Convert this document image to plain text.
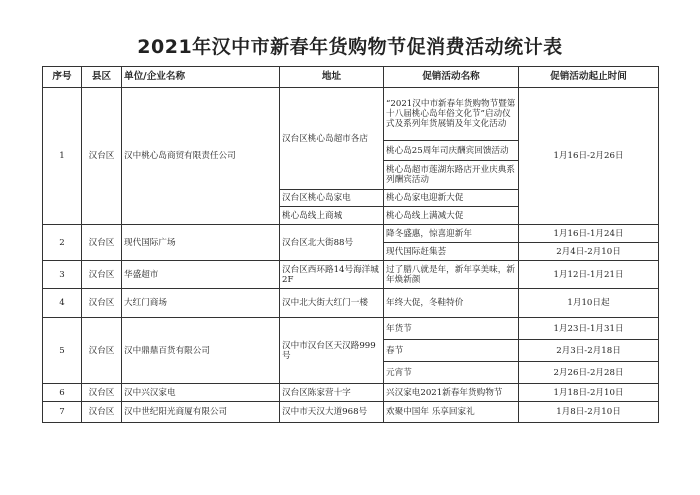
2021年汉中市新春年货购物节促消费活动统计表
序号	县区	单位/企业名称	地址	促销活动名称	促销活动起止时间
1	汉台区	汉中桃心岛商贸有限责任公司	汉台区桃心岛超市各店	“2021汉中市新春年货购物节暨第十八届桃心岛年俗文化节”启动仪式及系列年货展销及年文化活动	1月16日-2月26日
				桃心岛25周年司庆酬宾回馈活动	
				桃心岛超市莲湖东路店开业庆典系列酬宾活动	
			汉台区桃心岛家电	桃心岛家电迎新大促	
			桃心岛线上商城	桃心岛线上满减大促	
2	汉台区	现代国际广场	汉台区北大街88号	降冬盛惠，惊喜迎新年	1月16日-1月24日
				现代国际赶集荟	2月4日-2月10日
3	汉台区	华盛超市	汉台区西环路14号海洋城2F	过了腊八就是年，新年享美味，新年焕新颜	1月12日-1月21日
4	汉台区	大红门商场	汉中北大街大红门一楼	年终大促，冬鞋特价	1月10日起
5	汉台区	汉中鼎鼎百货有限公司	汉中市汉台区天汉路999号	年货节	1月23日-1月31日
				春节	2月3日-2月18日
				元宵节	2月26日-2月28日
6	汉台区	汉中兴汉家电	汉台区陈家营十字	兴汉家电2021新春年货购物节	1月18日-2月10日
7	汉台区	汉中世纪阳光商厦有限公司	汉中市天汉大道968号	欢聚中国年 乐享回家礼	1月8日-2月10日
